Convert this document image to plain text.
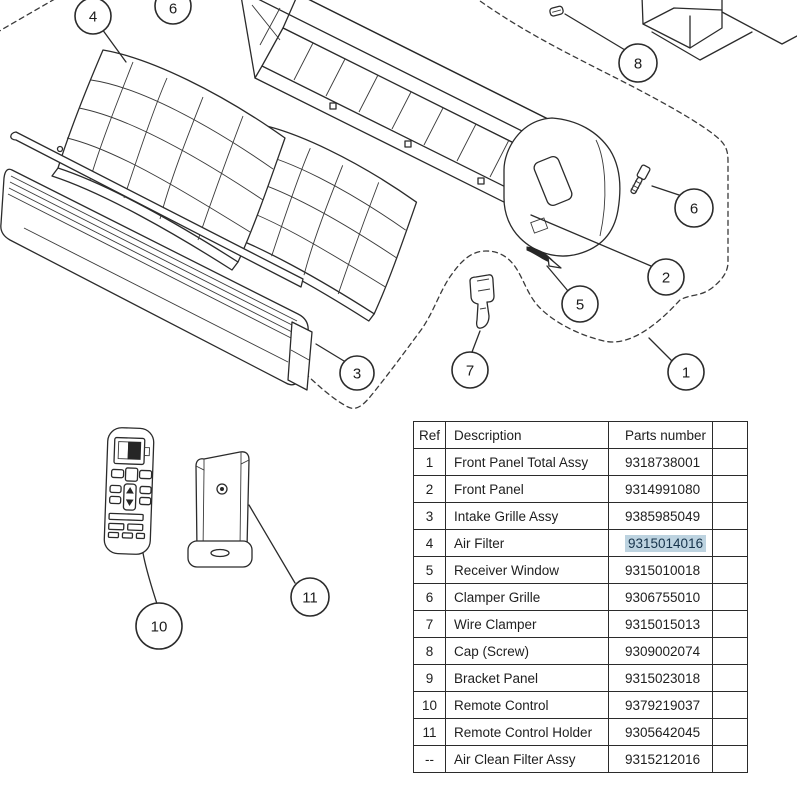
4	6
8
6
2
5
7	1
3
10
11
Ref	Description	Parts number	
1	Front Panel Total Assy	9318738001	
2	Front Panel	9314991080	
3	Intake Grille Assy	9385985049	
4	Air Filter	9315014016	
5	Receiver Window	9315010018	
6	Clamper Grille	9306755010	
7	Wire Clamper	9315015013	
8	Cap (Screw)	9309002074	
9	Bracket Panel	9315023018	
10	Remote Control	9379219037	
11	Remote Control Holder	9305642045	
--	Air Clean Filter Assy	9315212016	
